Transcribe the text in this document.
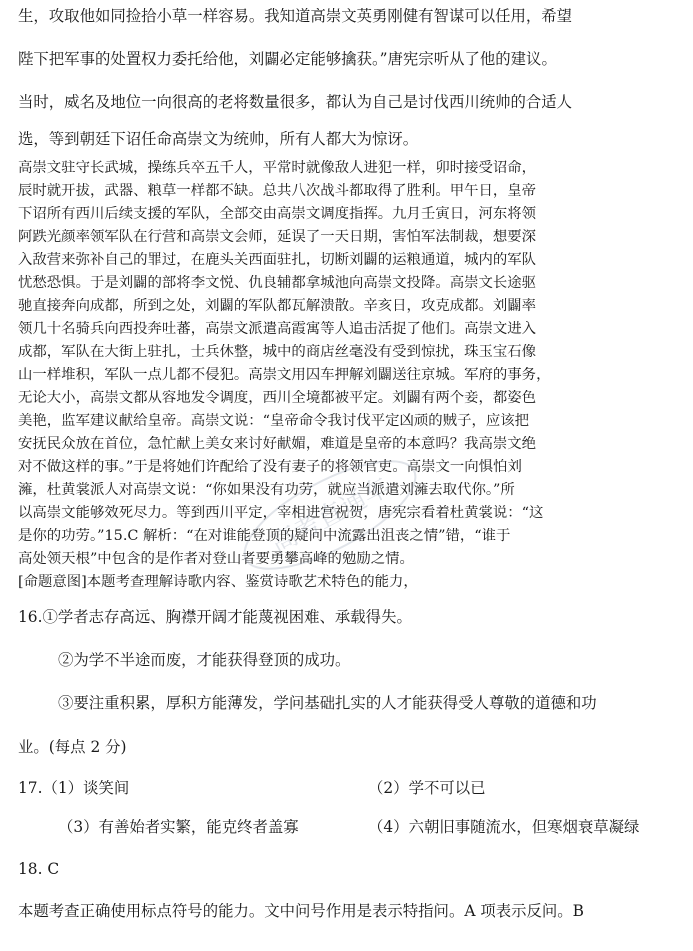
生，攻取他如同捡拾小草一样容易。我知道高崇文英勇刚健有智谋可以任用，希望
陛下把军事的处置权力委托给他，刘闢必定能够擒获。”唐宪宗听从了他的建议。
当时，威名及地位一向很高的老将数量很多，都认为自己是讨伐西川统帅的合适人
选，等到朝廷下诏任命高崇文为统帅，所有人都大为惊讶。
高崇文驻守长武城，操练兵卒五千人，平常时就像敌人进犯一样，卯时接受诏命，
辰时就开拔，武器、粮草一样都不缺。总共八次战斗都取得了胜利。甲午日，皇帝
下诏所有西川后续支援的军队，全部交由高崇文调度指挥。九月壬寅日，河东将领
阿跌光颜率领军队在行营和高崇文会师，延误了一天日期，害怕军法制裁，想要深
入敌营来弥补自己的罪过，在鹿头关西面驻扎，切断刘闢的运粮通道，城内的军队
忧愁恐惧。于是刘闢的部将李文悦、仇良辅都拿城池向高崇文投降。高崇文长途驱
驰直接奔向成都，所到之处，刘闢的军队都瓦解溃散。辛亥日，攻克成都。刘闢率
领几十名骑兵向西投奔吐蕃，高崇文派遣高霞寓等人追击活捉了他们。高崇文进入
成都，军队在大街上驻扎，士兵休整，城中的商店丝毫没有受到惊扰，珠玉宝石像
山一样堆积，军队一点儿都不侵犯。高崇文用囚车押解刘闢送往京城。军府的事务，
无论大小，高崇文都从容地发令调度，西川全境都被平定。刘闢有两个妾，都姿色
美艳，监军建议献给皇帝。高崇文说：“皇帝命令我讨伐平定凶顽的贼子，应该把
安抚民众放在首位，急忙献上美女来讨好献媚，难道是皇帝的本意吗？我高崇文绝
对不做这样的事。”于是将她们许配给了没有妻子的将领官吏。高崇文一向惧怕刘
澭，杜黄裳派人对高崇文说：“你如果没有功劳，就应当派遣刘澭去取代你。”所
以高崇文能够效死尽力。等到西川平定，宰相进宫祝贺，唐宪宗看着杜黄裳说：“这
是你的功劳。”15.C 解析：“在对谁能登顶的疑问中流露出沮丧之情”错，“谁于
高处领天根”中包含的是作者对登山者要勇攀高峰的勉励之情。
[命题意图]本题考查理解诗歌内容、鉴赏诗歌艺术特色的能力，
16.①学者志存高远、胸襟开阔才能蔑视困难、承载得失。
②为学不半途而废，才能获得登顶的成功。
③要注重积累，厚积方能薄发，学问基础扎实的人才能获得受人尊敬的道德和功
业。(每点 2 分)
17.（1）谈笑间	（2）学不可以已
（3）有善始者实繁，能克终者盖寡	（4）六朝旧事随流水，但寒烟衰草凝绿
18. C
本题考查正确使用标点符号的能力。文中问号作用是表示特指问。A 项表示反问。B
高考直通车
